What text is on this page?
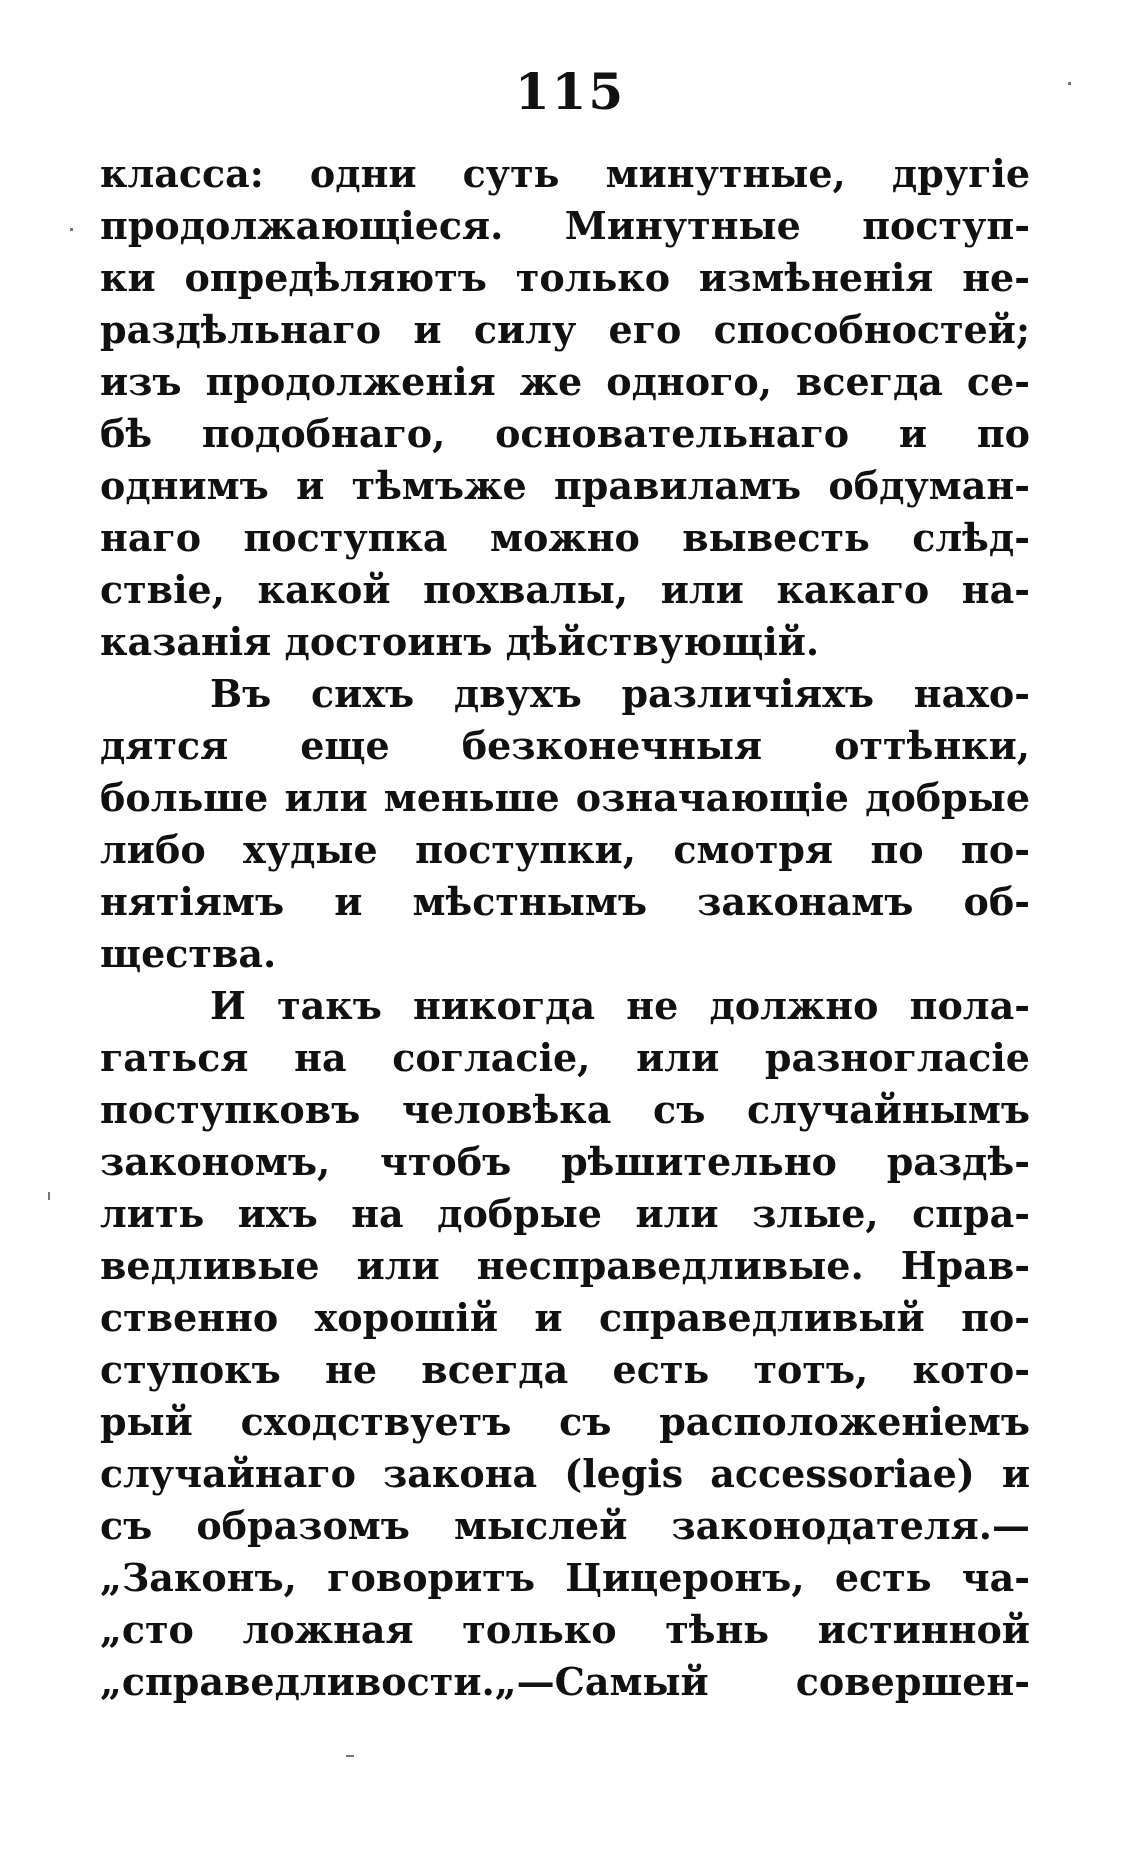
115
класса: одни суть минутные, другіе
продолжающіеся. Минутные поступ-
ки опредѣляютъ только измѣненія не-
раздѣльнаго и силу его способностей;
изъ продолженія же одного, всегда се-
бѣ подобнаго, основательнаго и по
однимъ и тѣмъже правиламъ обдуман-
наго поступка можно вывесть слѣд-
ствіе, какой похвалы, или какаго на-
казанія достоинъ дѣйствующій.
Въ сихъ двухъ различіяхъ нахо-
дятся еще безконечныя оттѣнки,
больше или меньше означающіе добрые
либо худые поступки, смотря по по-
нятіямъ и мѣстнымъ законамъ об-
щества.
И такъ никогда не должно пола-
гаться на согласіе, или разногласіе
поступковъ человѣка съ случайнымъ
закономъ, чтобъ рѣшительно раздѣ-
лить ихъ на добрые или злые, спра-
ведливые или несправедливые. Нрав-
ственно хорошій и справедливый по-
ступокъ не всегда есть тотъ, кото-
рый сходствуетъ съ расположеніемъ
случайнаго закона (legis accessoriae) и
съ образомъ мыслей законодателя.—
„Законъ, говоритъ Цицеронъ, есть ча-
„сто ложная только тѣнь истинной
„справедливости.„—Самый совершен-
